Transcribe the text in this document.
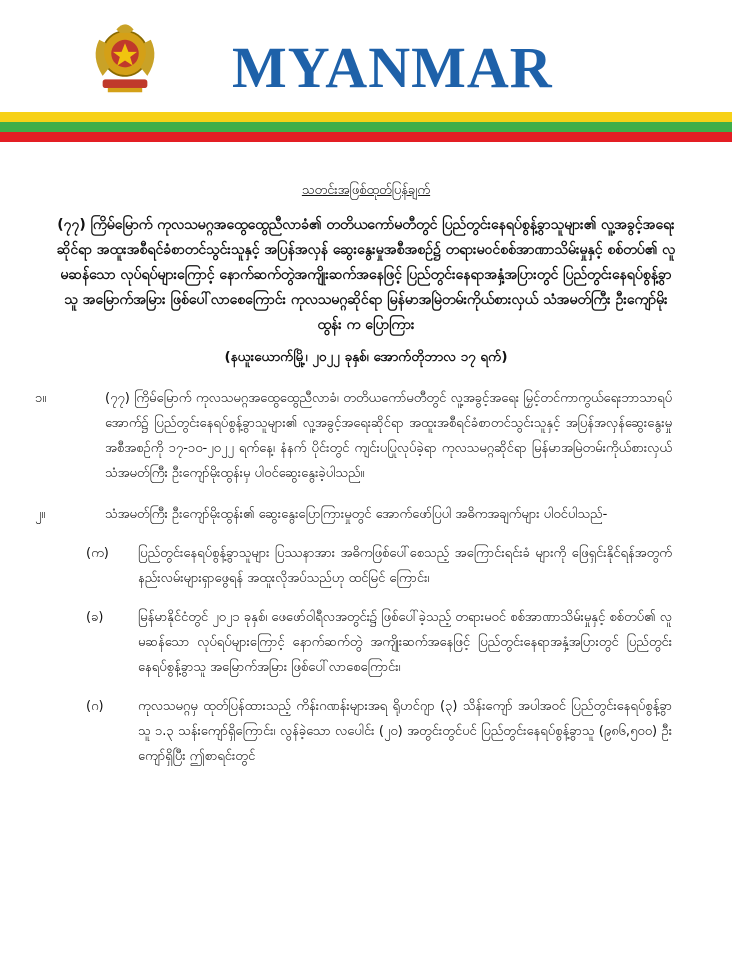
MYANMAR
သတင်းအဖြစ်ထုတ်ပြန်ချက်
(၇၇) ကြိမ်မြောက် ကုလသမဂ္ဂအထွေထွေညီလာခံ၏ တတိယကော်မတီတွင် ပြည်တွင်းနေရပ်စွန့်ခွာသူများ၏ လူ့အခွင့်အရေးဆိုင်ရာ အထူးအစီရင်ခံစာတင်သွင်းသူနှင့် အပြန်အလှန် ဆွေးနွေးမှုအစီအစဉ်၌ တရားမဝင်စစ်အာဏာသိမ်းမှုနှင့် စစ်တပ်၏ လူမဆန်သော လုပ်ရပ်များကြောင့် နောက်ဆက်တွဲအကျိုးဆက်အနေဖြင့် ပြည်တွင်းနေရာအနှံ့အပြားတွင် ပြည်တွင်းနေရပ်စွန့်ခွာသူ အမြောက်အမြား ဖြစ်ပေါ်လာစေကြောင်း ကုလသမဂ္ဂဆိုင်ရာ မြန်မာအမြဲတမ်းကိုယ်စားလှယ် သံအမတ်ကြီး ဦးကျော်မိုးထွန်း က ပြောကြား
(နယူးယောက်မြို့၊ ၂၀၂၂ ခုနှစ်၊ အောက်တိုဘာလ ၁၇ ရက်)
၁။	(၇၇) ကြိမ်မြောက် ကုလသမဂ္ဂအထွေထွေညီလာခံ၊ တတိယကော်မတီတွင် လူ့အခွင့်အရေး မြှင့်တင်ကာကွယ်ရေးဘာသာရပ်အောက်၌ ပြည်တွင်းနေရပ်စွန့်ခွာသူများ၏ လူ့အခွင့်အရေးဆိုင်ရာ အထူးအစီရင်ခံစာတင်သွင်းသူနှင့် အပြန်အလှန်ဆွေးနွေးမှုအစီအစဉ်ကို ၁၇-၁၀-၂၀၂၂ ရက်နေ့၊ နံနက် ပိုင်းတွင် ကျင်းပပြုလုပ်ခဲ့ရာ ကုလသမဂ္ဂဆိုင်ရာ မြန်မာအမြဲတမ်းကိုယ်စားလှယ် သံအမတ်ကြီး ဦးကျော်မိုးထွန်းမှ ပါဝင်ဆွေးနွေးခဲ့ပါသည်။
၂။	သံအမတ်ကြီး ဦးကျော်မိုးထွန်း၏ ဆွေးနွေးပြောကြားမှုတွင် အောက်ဖော်ပြပါ အဓိကအချက်များ ပါဝင်ပါသည်-
(က) ပြည်တွင်းနေရပ်စွန့်ခွာသူများ ပြဿနာအား အဓိကဖြစ်ပေါ်စေသည့် အကြောင်းရင်းခံ များကို ဖြေရှင်းနိုင်ရန်အတွက် နည်းလမ်းများရှာဖွေရန် အထူးလိုအပ်သည်ဟု ထင်မြင် ကြောင်း၊
(ခ)	မြန်မာနိုင်ငံတွင် ၂၀၂၁ ခုနှစ်၊ ဖေဖော်ဝါရီလအတွင်း၌ ဖြစ်ပေါ်ခဲ့သည့် တရားမဝင် စစ်အာဏာသိမ်းမှုနှင့် စစ်တပ်၏ လူမဆန်သော လုပ်ရပ်များကြောင့် နောက်ဆက်တွဲ အကျိုးဆက်အနေဖြင့် ပြည်တွင်းနေရာအနှံ့အပြားတွင် ပြည်တွင်းနေရပ်စွန့်ခွာသူ အမြောက်အမြား ဖြစ်ပေါ်လာစေကြောင်း၊
(ဂ)	ကုလသမဂ္ဂမှ ထုတ်ပြန်ထားသည့် ကိန်းဂဏန်းများအရ ရိုဟင်ဂျာ (၃) သိန်းကျော် အပါအဝင် ပြည်တွင်းနေရပ်စွန့်ခွာသူ ၁.၃ သန်းကျော်ရှိကြောင်း၊ လွန်ခဲ့သော လပေါင်း (၂၀) အတွင်းတွင်ပင် ပြည်တွင်းနေရပ်စွန့်ခွာသူ (၉၈၆,၅၀၀) ဦးကျော်ရှိပြီး ဤစာရင်းတွင်
